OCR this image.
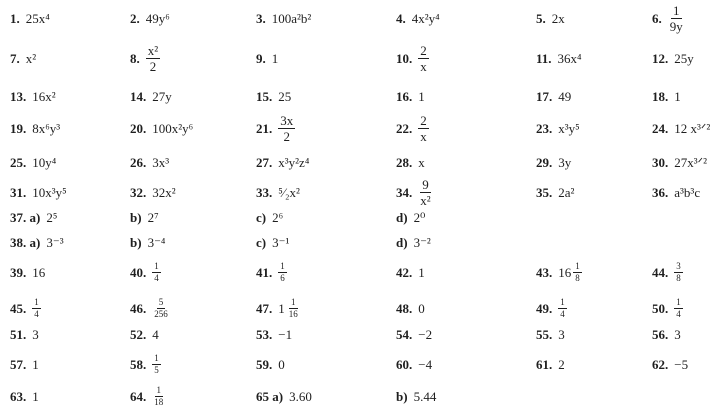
1. 25x⁴	2. 49y⁶	3. 100a²b²	4. 4x²y⁴	5. 2x	6. $\frac{1}{9y}$
7. x²	8. $\frac{\text{x²}}{2}$	9. 1	10. $\frac{2}{x}$	11. 36x⁴	12. 25y
13. 16x²	14. 27y	15. 25	16. 1	17. 49	18. 1
19. 8x⁶y³	20. 100x²y⁶	21. $\frac{3x}{2}$	22. $\frac{2}{x}$	23. x³y⁵	24. 12 x³ᐟ²
25. 10y⁴	26. 3x³	27. x³y²z⁴	28. x	29. 3y	30. 27x³ᐟ²
31. 10x³y⁵	32. 32x²	33. ⁵⁄₂x²	34. $\frac{9}{\text{x²}}$	35. 2a²	36. a³b³c
37. a) 2⁵	b) 2⁷	c) 2⁶	d) 2⁰
38. a) 3⁻³	b) 3⁻⁴	c) 3⁻¹	d) 3⁻²
39. 16	40. $\frac{1}{4}$	41. $\frac{1}{6}$	42. 1	43. $16 \frac{1}{8}$	44. $\frac{3}{8}$
45. $\frac{1}{4}$	46. $\frac{5}{256}$	47. $1 \frac{1}{16}$	48. 0	49. $\frac{1}{4}$	50. $\frac{1}{4}$
51. 3	52. 4	53. −1	54. −2	55. 3	56. 3
57. 1	58. $\frac{1}{5}$	59. 0	60. −4	61. 2	62. −5
63. 1	64. $\frac{1}{18}$	65 a) 3.60	b) 5.44
